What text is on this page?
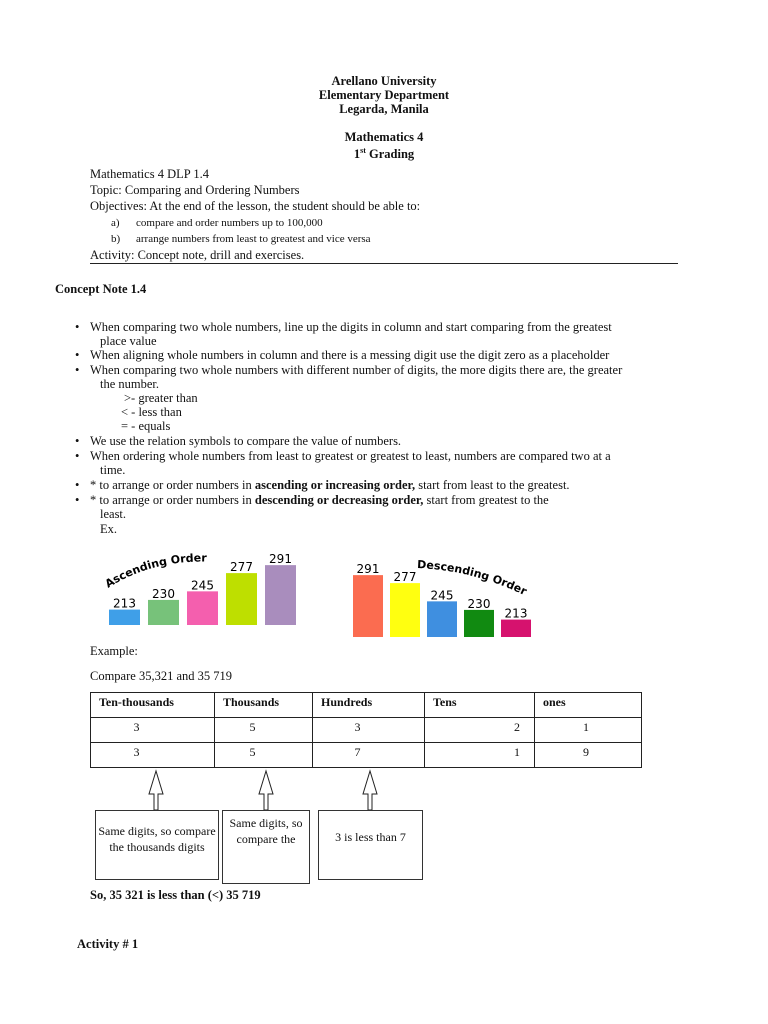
Arellano University
Elementary Department
Legarda, Manila
Mathematics 4
1st Grading
Mathematics 4 DLP 1.4
Topic: Comparing and Ordering Numbers
Objectives: At the end of the lesson, the student should be able to:
a) compare and order numbers up to 100,000
b) arrange numbers from least to greatest and vice versa
Activity: Concept note, drill and exercises.
Concept Note 1.4
• When comparing two whole numbers, line up the digits in column and start comparing from the greatest
place value
• When aligning whole numbers in column and there is a messing digit use the digit zero as a placeholder
• When comparing two whole numbers with different number of digits, the more digits there are, the greater
the number.
>- greater than
< - less than
= - equals
• We use the relation symbols to compare the value of numbers.
• When ordering whole numbers from least to greatest or greatest to least, numbers are compared two at a
time.
• * to arrange or order numbers in ascending or increasing order, start from least to the greatest.
• * to arrange or order numbers in descending or decreasing order, start from greatest to the
least.
Ex.
Ascending Order
213
230
245
277
291	Descending Order
291
277
245
230
213
Example:
Compare 35,321 and 35 719
Ten-thousands	Thousands	Hundreds	Tens	ones
3	5	3	2	1
3	5	7	1	9
Same digits, so compare the thousands digits
Same digits, so compare the	3 is less than 7
So, 35 321 is less than (<) 35 719
Activity # 1
